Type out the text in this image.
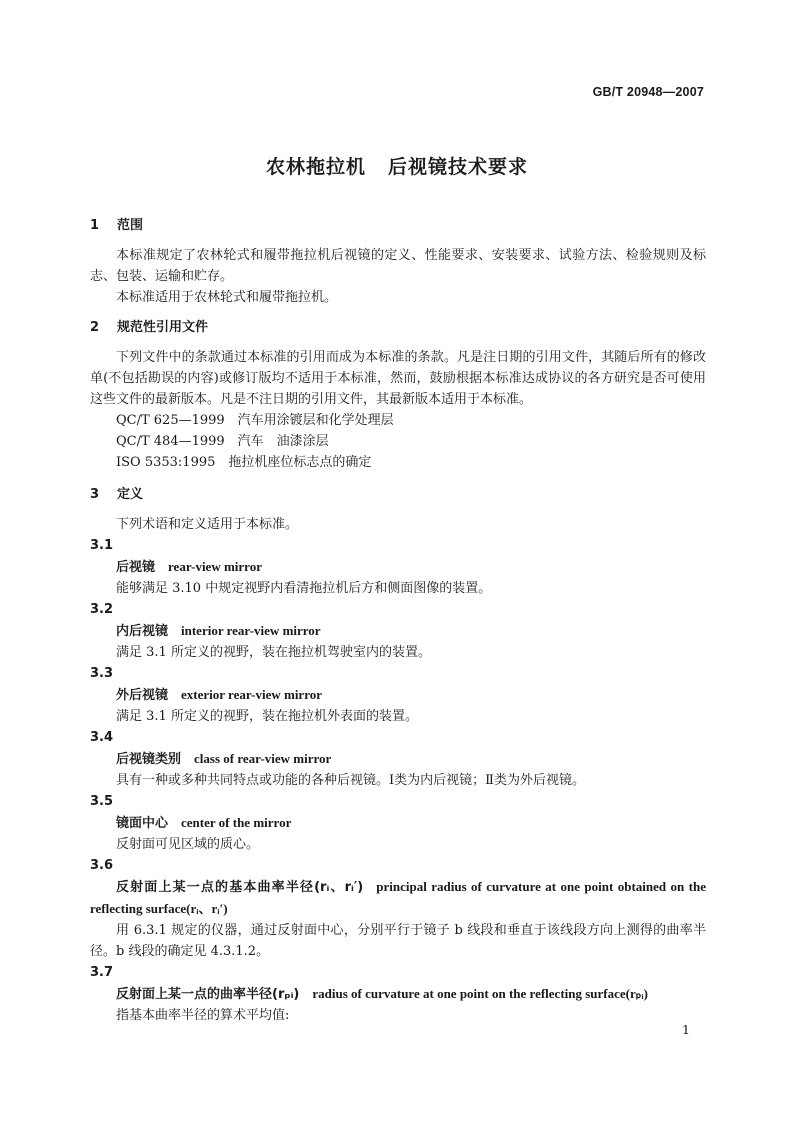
GB/T 20948—2007
农林拖拉机 后视镜技术要求

1 范围

本标准规定了农林轮式和履带拖拉机后视镜的定义、性能要求、安装要求、试验方法、检验规则及标志、包装、运输和贮存。

本标准适用于农林轮式和履带拖拉机。

2 规范性引用文件

下列文件中的条款通过本标准的引用而成为本标准的条款。凡是注日期的引用文件，其随后所有的修改单(不包括勘误的内容)或修订版均不适用于本标准，然而，鼓励根据本标准达成协议的各方研究是否可使用这些文件的最新版本。凡是不注日期的引用文件，其最新版本适用于本标准。

QC/T 625—1999　汽车用涂镀层和化学处理层

QC/T 484—1999　汽车　油漆涂层

ISO 5353:1995　拖拉机座位标志点的确定

3 定义

下列术语和定义适用于本标准。

3.1

后视镜  rear-view mirror

能够满足 3.10 中规定视野内看清拖拉机后方和侧面图像的装置。

3.2

内后视镜  interior rear-view mirror

满足 3.1 所定义的视野，装在拖拉机驾驶室内的装置。

3.3

外后视镜  exterior rear-view mirror

满足 3.1 所定义的视野，装在拖拉机外表面的装置。

3.4

后视镜类别  class of rear-view mirror

具有一种或多种共同特点或功能的各种后视镜。Ⅰ类为内后视镜；Ⅱ类为外后视镜。

3.5

镜面中心  center of the mirror

反射面可见区域的质心。

3.6

反射面上某一点的基本曲率半径(rᵢ、rᵢ′)  principal radius of curvature at one point obtained on the reflecting surface(rᵢ、rᵢ′)

用 6.3.1 规定的仪器，通过反射面中心，分别平行于镜子 b 线段和垂直于该线段方向上测得的曲率半径。b 线段的确定见 4.3.1.2。

3.7

反射面上某一点的曲率半径(rₚᵢ)  radius of curvature at one point on the reflecting surface(rₚᵢ)

指基本曲率半径的算术平均值:

1
